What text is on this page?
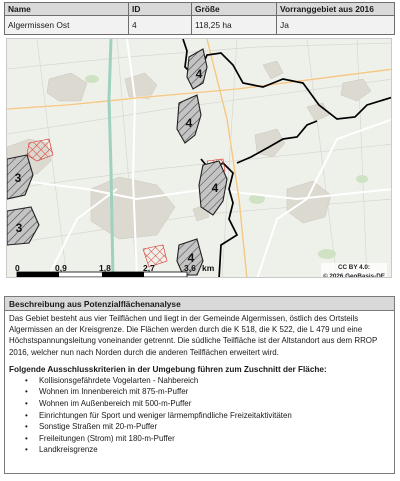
Name	ID	Größe	Vorranggebiet aus 2016
Algermissen Ost	4	118,25 ha	Ja
4
4
4
4
3
3
0	0,9	1,8	2,7	3,6 km	CC BY 4.0:
© 2026 GeoBasis-DE
Beschreibung aus Potenzialflächenanalyse
Das Gebiet besteht aus vier Teilflächen und liegt in der Gemeinde Algermissen, östlich des Ortsteils Algermissen an der Kreisgrenze. Die Flächen werden durch die K 518, die K 522, die L 479 und eine Höchstspannungsleitung voneinander getrennt. Die südliche Teilfläche ist der Altstandort aus dem RROP 2016, welcher nun nach Norden durch die anderen Teilflächen erweitert wird.
Folgende Ausschlusskriterien in der Umgebung führen zum Zuschnitt der Fläche:
• Kollisionsgefährdete Vogelarten - Nahbereich
• Wohnen im Innenbereich mit 875-m-Puffer
• Wohnen im Außenbereich mit 500-m-Puffer
• Einrichtungen für Sport und weniger lärmempfindliche Freizeitaktivitäten
• Sonstige Straßen mit 20-m-Puffer
• Freileitungen (Strom) mit 180-m-Puffer
• Landkreisgrenze
